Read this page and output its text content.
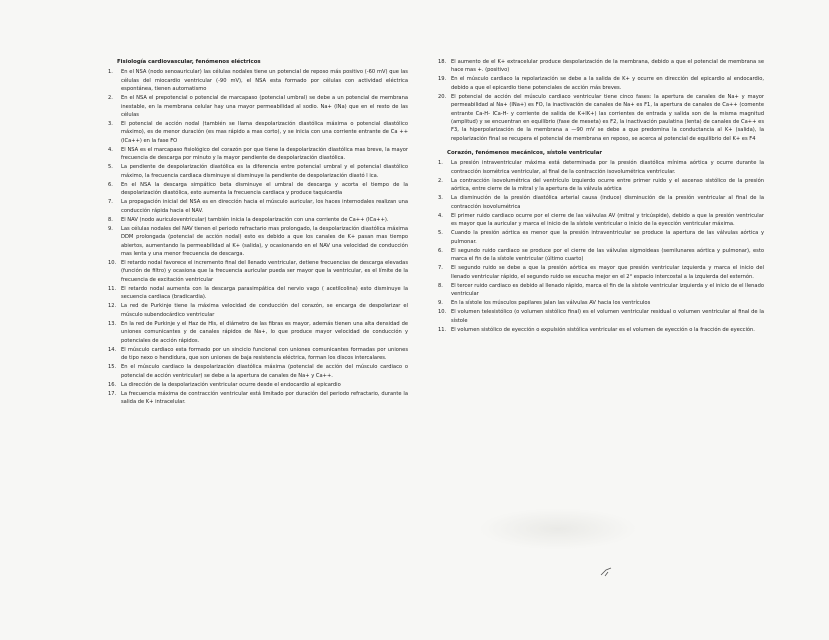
Fisiología cardiovascular, fenómenos eléctricos
1. En el NSA (nodo senoauricular) las células nodales tiene un potencial de reposo más positivo (-60 mV) que las células del miocardio ventricular (-90 mV), el NSA esta formado por células con actividad eléctrica espontánea, tienen automatismo
2. En el NSA el prepotencial o potencial de marcapaso (potencial umbral) se debe a un potencial de membrana inestable, en la membrana celular hay una mayor permeabilidad al sodio. Na+ (INa) que en el resto de las células
3. El potencial de acción nodal (también se llama despolarización diastólica máxima o potencial diastólico máximo), es de menor duración (es mas rápido a mas corto), y se inicia con una corriente entrante de Ca ++ (ICa++) en la fase FO
4. El NSA es el marcapaso fisiológico del corazón por que tiene la despolarización diastólica mas breve, la mayor frecuencia de descarga por minuto y la mayor pendiente de despolarización diastólica.
5. La pendiente de despolarización diastólica es la diferencia entre potencial umbral y el potencial diastólico máximo, la frecuencia cardiaca disminuye si disminuye la pendiente de despolarización diastó l ica.
6. En el NSA la descarga simpático beta disminuye el umbral de descarga y acorta el tiempo de la despolarización diastólica, esto aumenta la frecuencia cardiaca y produce taquicardia
7. La propagación inicial del NSA es en dirección hacia el músculo auricular, los haces internodales realizan una conducción rápida hacia el NAV.
8. El NAV (nodo auriculoventricular) también inicia la despolarización con una corriente de Ca++ (ICa++).
9. Las células nodales del NAV tienen el periodo refractario mas prolongado, la despolarización diastólica máxima DDM prolongada (potencial de acción nodal) esto es debido a que los canales de K+ pasan mas tiempo abiertos, aumentando la permeabilidad al K+ (salida), y ocasionando en el NAV una velocidad de conducción mas lenta y una menor frecuencia de descarga.
10. El retardo nodal favorece el incremento final del llenado ventricular, detiene frecuencias de descarga elevadas (función de filtro) y ocasiona que la frecuencia auricular pueda ser mayor que la ventricular, es el límite de la frecuencia de excitación ventricular
11. El retardo nodal aumenta con la descarga parasimpática del nervio vago ( acetilcolina) esto disminuye la secuencia cardiaca (bradicardia).
12. La red de Purkinje tiene la máxima velocidad de conducción del corazón, se encarga de despolarizar el músculo subendocárdico ventricular
13. En la red de Purkinje y el Haz de His, el diámetro de las fibras es mayor, además tienen una alta densidad de uniones comunicantes y de canales rápidos de Na+, lo que produce mayor velocidad de conducción y potenciales de acción rápidos.
14. El músculo cardiaco esta formado por un sincicio funcional con uniones comunicantes formadas por uniones de tipo nexo o hendidura, que son uniones de baja resistencia eléctrica, forman los discos intercalares.
15. En el músculo cardiaco la despolarización diastólica máxima (potencial de acción del músculo cardiaco o potencial de acción ventricular) se debe a la apertura de canales de Na+ y Ca++.
16. La dirección de la despolarización ventricular ocurre desde el endocardio al epicardio
17. La frecuencia máxima de contracción ventricular está limitado por duración del periodo refractario, durante la salida de K+ intracelular.
18. El aumento de el K+ extracelular produce despolarización de la membrana, debido a que el potencial de membrana se hace mas +. (positivo)
19. En el músculo cardiaco la repolarización se debe a la salida de K+ y ocurre en dirección del epicardio al endocardio, debido a que el epicardio tiene potenciales de acción más breves.
20. El potencial de acción del músculo cardiaco ventricular tiene cinco fases: la apertura de canales de Na+ y mayor permeabilidad al Na+ (INa+) es FO, la inactivación de canales de Na+ es F1, la apertura de canales de Ca++ (comente entrante Ca-H- ICa-H- y corriente de salida de K+IK+) las corrientes de entrada y salida son de la misma magnitud (amplitud) y se encuentran en equilibrio (fase de meseta) es F2, la inactivación paulatina (lenta) de canales de Ca++ es F3, la hiperpolarización de la membrana a —90 mV se debe a que predomina la conductancia al K+ (salida), la repolarización final se recupera el potencial de membrana en reposo, se acerca al potencial de equilibrio del K+ es F4
Corazón, fenómenos mecánicos, sístole ventricular
1. La presión intraventricular máxima está determinada por la presión diastólica mínima aórtica y ocurre durante la contracción isométrica ventricular, al final de la contracción isovolumétrica ventricular.
2. La contracción isovolumétrica del ventrículo izquierdo ocurre entre primer ruido y el ascenso sistólico de la presión aórtica, entre cierre de la mitral y la apertura de la válvula aórtica
3. La disminución de la presión diastólica arterial causa (induce) disminución de la presión ventricular al final de la contracción isovolumétrica
4. El primer ruido cardiaco ocurre por el cierre de las válvulas AV (mitral y tricúspide), debido a que la presión ventricular es mayor que la auricular y marca el inicio de la sístole ventricular o inicio de la eyección ventricular máxima.
5. Cuando la presión aórtica es menor que la presión intraventricular se produce la apertura de las válvulas aórtica y pulmonar.
6. El segundo ruido cardiaco se produce por el cierre de las válvulas sigmoideas (semilunares aórtica y pulmonar), esto marca el fin de la sístole ventricular (último cuarto)
7. El segundo ruido se debe a que la presión aórtica es mayor que presión ventricular izquierda y marca el inicio del llenado ventricular rápido, el segundo ruido se escucha mejor en el 2° espacio intercostal a la izquierda del esternón.
8. El tercer ruido cardiaco es debido al llenado rápido, marca el fin de la sístole ventricular izquierda y el inicio de el llenado ventricular
9. En la sístole los músculos papilares jalan las válvulas AV hacia los ventrículos
10. El volumen telesistólico (o volumen sistólico final) es el volumen ventricular residual o volumen ventricular al final de la sístole
11. El volumen sistólico de eyección o expulsión sistólica ventricular es el volumen de eyección o la fracción de eyección.
